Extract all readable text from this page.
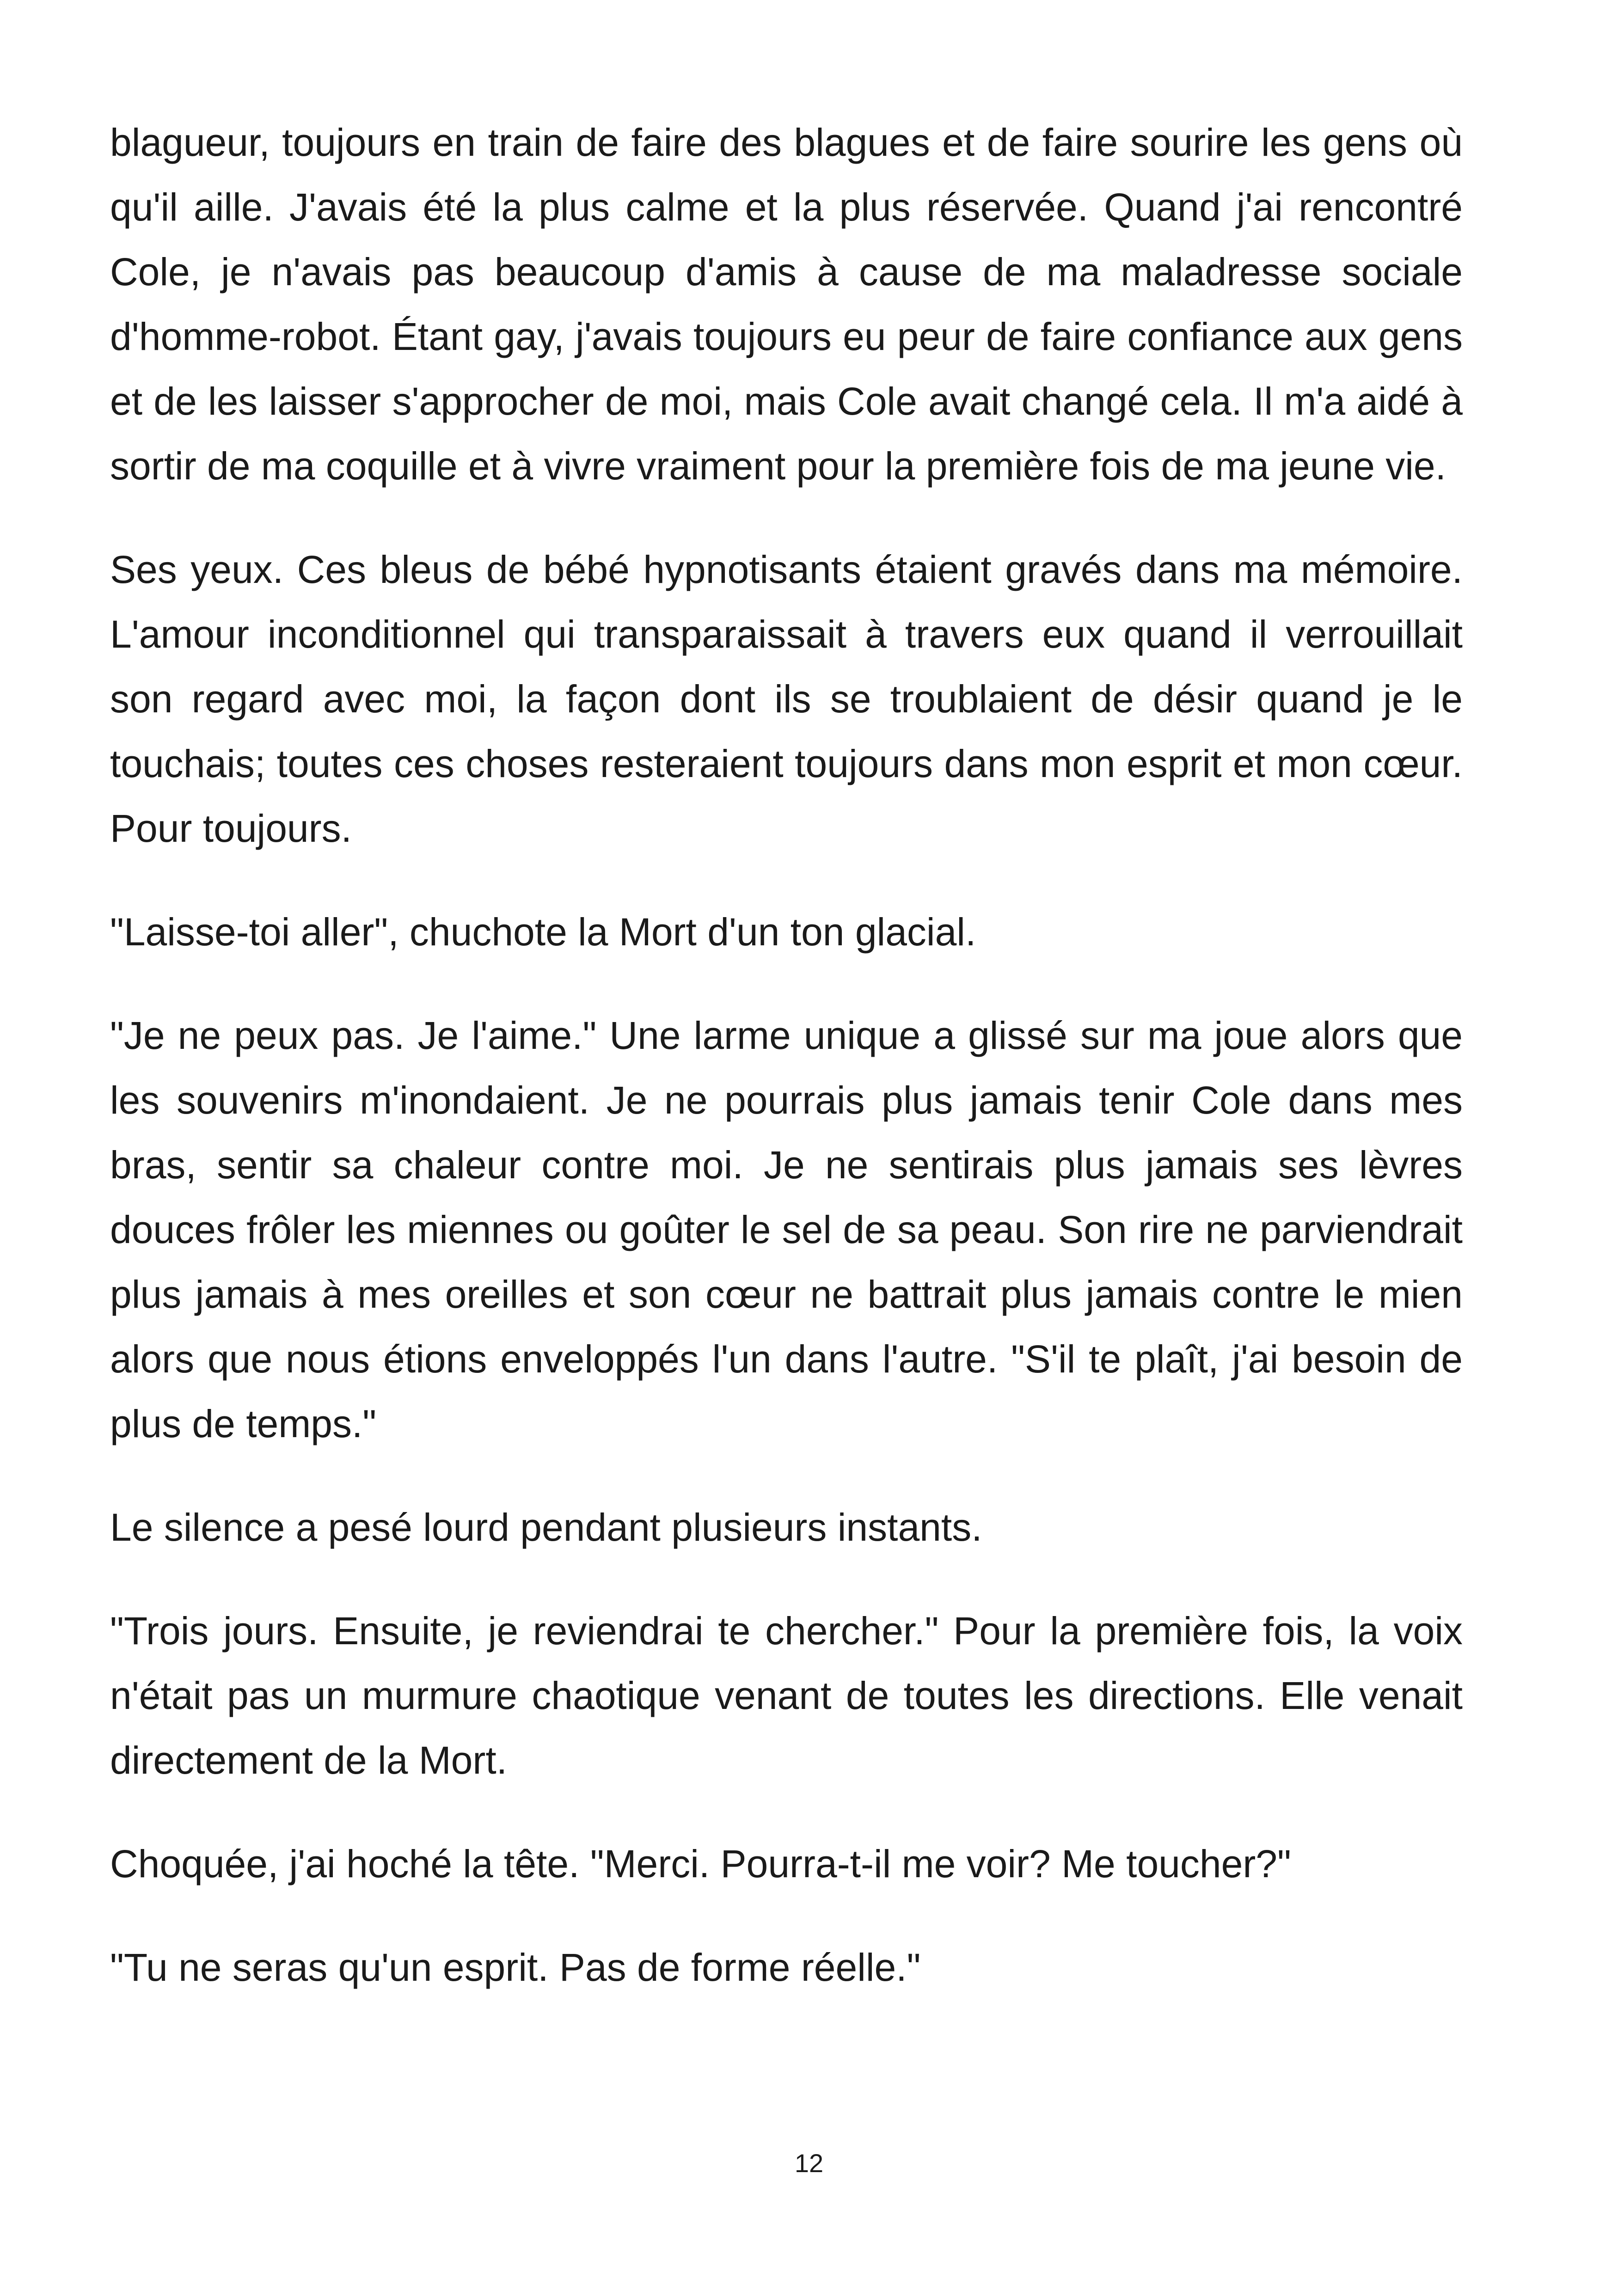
blagueur, toujours en train de faire des blagues et de faire sourire les gens où qu'il aille. J'avais été la plus calme et la plus réservée. Quand j'ai rencontré Cole, je n'avais pas beaucoup d'amis à cause de ma maladresse sociale d'homme-robot. Étant gay, j'avais toujours eu peur de faire confiance aux gens et de les laisser s'approcher de moi, mais Cole avait changé cela. Il m'a aidé à sortir de ma coquille et à vivre vraiment pour la première fois de ma jeune vie.

Ses yeux. Ces bleus de bébé hypnotisants étaient gravés dans ma mémoire. L'amour inconditionnel qui transparaissait à travers eux quand il verrouillait son regard avec moi, la façon dont ils se troublaient de désir quand je le touchais; toutes ces choses resteraient toujours dans mon esprit et mon cœur. Pour toujours.

"Laisse-toi aller", chuchote la Mort d'un ton glacial.

"Je ne peux pas. Je l'aime." Une larme unique a glissé sur ma joue alors que les souvenirs m'inondaient. Je ne pourrais plus jamais tenir Cole dans mes bras, sentir sa chaleur contre moi. Je ne sentirais plus jamais ses lèvres douces frôler les miennes ou goûter le sel de sa peau. Son rire ne parviendrait plus jamais à mes oreilles et son cœur ne battrait plus jamais contre le mien alors que nous étions enveloppés l'un dans l'autre. "S'il te plaît, j'ai besoin de plus de temps."

Le silence a pesé lourd pendant plusieurs instants.

"Trois jours. Ensuite, je reviendrai te chercher." Pour la première fois, la voix n'était pas un murmure chaotique venant de toutes les directions. Elle venait directement de la Mort.

Choquée, j'ai hoché la tête. "Merci. Pourra-t-il me voir? Me toucher?"

"Tu ne seras qu'un esprit. Pas de forme réelle."

12
